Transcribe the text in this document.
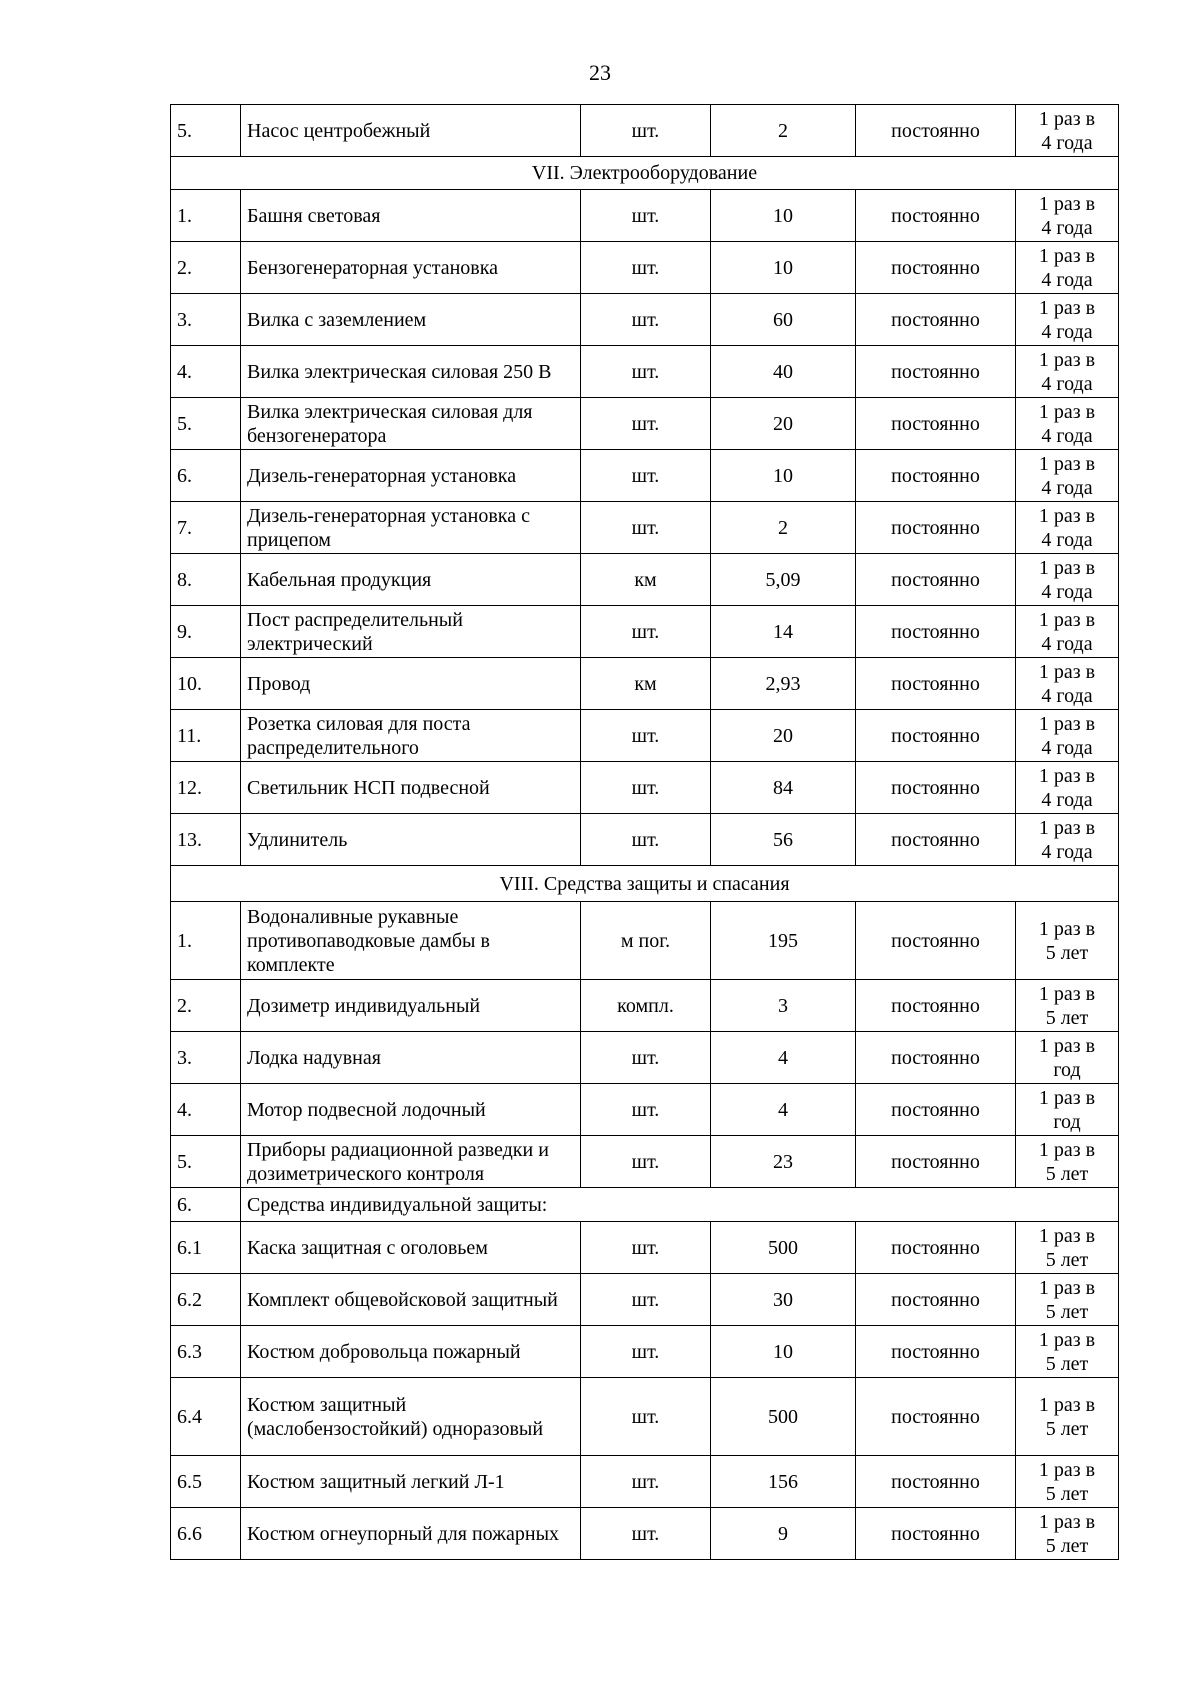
23
5.	Насос центробежный	шт.	2	постоянно	1 раз в
4 года

VII. Электрооборудование					
1.	Башня световая	шт.	10	постоянно	1 раз в
4 года

2.	Бензогенераторная установка	шт.	10	постоянно	1 раз в
4 года

3.	Вилка с заземлением	шт.	60	постоянно	1 раз в
4 года

4.	Вилка электрическая силовая 250 В	шт.	40	постоянно	1 раз в
4 года

5.	Вилка электрическая силовая для бензогенератора	шт.	20	постоянно	1 раз в
4 года

6.	Дизель-генераторная установка	шт.	10	постоянно	1 раз в
4 года

7.	Дизель-генераторная установка с прицепом	шт.	2	постоянно	1 раз в
4 года

8.	Кабельная продукция	км	5,09	постоянно	1 раз в
4 года

9.	Пост распределительный электрический	шт.	14	постоянно	1 раз в
4 года

10.	Провод	км	2,93	постоянно	1 раз в
4 года

11.	Розетка силовая для поста распределительного	шт.	20	постоянно	1 раз в
4 года

12.	Светильник НСП подвесной	шт.	84	постоянно	1 раз в
4 года

13.	Удлинитель	шт.	56	постоянно	1 раз в
4 года

VIII. Средства защиты и спасания					
1.	Водоналивные рукавные противопаводковые дамбы в комплекте	м пог.	195	постоянно	1 раз в
5 лет

2.	Дозиметр индивидуальный	компл.	3	постоянно	1 раз в
5 лет

3.	Лодка надувная	шт.	4	постоянно	1 раз в
год

4.	Мотор подвесной лодочный	шт.	4	постоянно	1 раз в
год

5.	Приборы радиационной разведки и дозиметрического контроля	шт.	23	постоянно	1 раз в
5 лет

6.	Средства индивидуальной защиты:				
6.1	Каска защитная с оголовьем	шт.	500	постоянно	1 раз в
5 лет

6.2	Комплект общевойсковой защитный	шт.	30	постоянно	1 раз в
5 лет

6.3	Костюм добровольца пожарный	шт.	10	постоянно	1 раз в
5 лет

6.4	Костюм защитный (маслобензостойкий) одноразовый	шт.	500	постоянно	1 раз в
5 лет

6.5	Костюм защитный легкий Л-1	шт.	156	постоянно	1 раз в
5 лет

6.6	Костюм огнеупорный для пожарных	шт.	9	постоянно	1 раз в
5 лет
